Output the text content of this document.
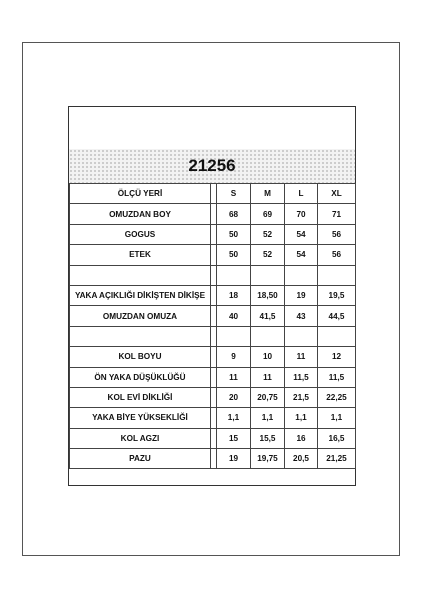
21256
ÖLÇÜ YERİ		S	M	L	XL
OMUZDAN BOY		68	69	70	71
GOGUS		50	52	54	56
ETEK		50	52	54	56

YAKA AÇIKLIĞI DİKİŞTEN DİKİŞE		18	18,50	19	19,5
OMUZDAN OMUZA		40	41,5	43	44,5

KOL BOYU		9	10	11	12
ÖN YAKA DÜŞÜKLÜĞÜ		11	11	11,5	11,5
KOL EVİ DİKLİĞİ		20	20,75	21,5	22,25
YAKA BİYE YÜKSEKLİĞİ		1,1	1,1	1,1	1,1
KOL AGZI		15	15,5	16	16,5
PAZU		19	19,75	20,5	21,25
